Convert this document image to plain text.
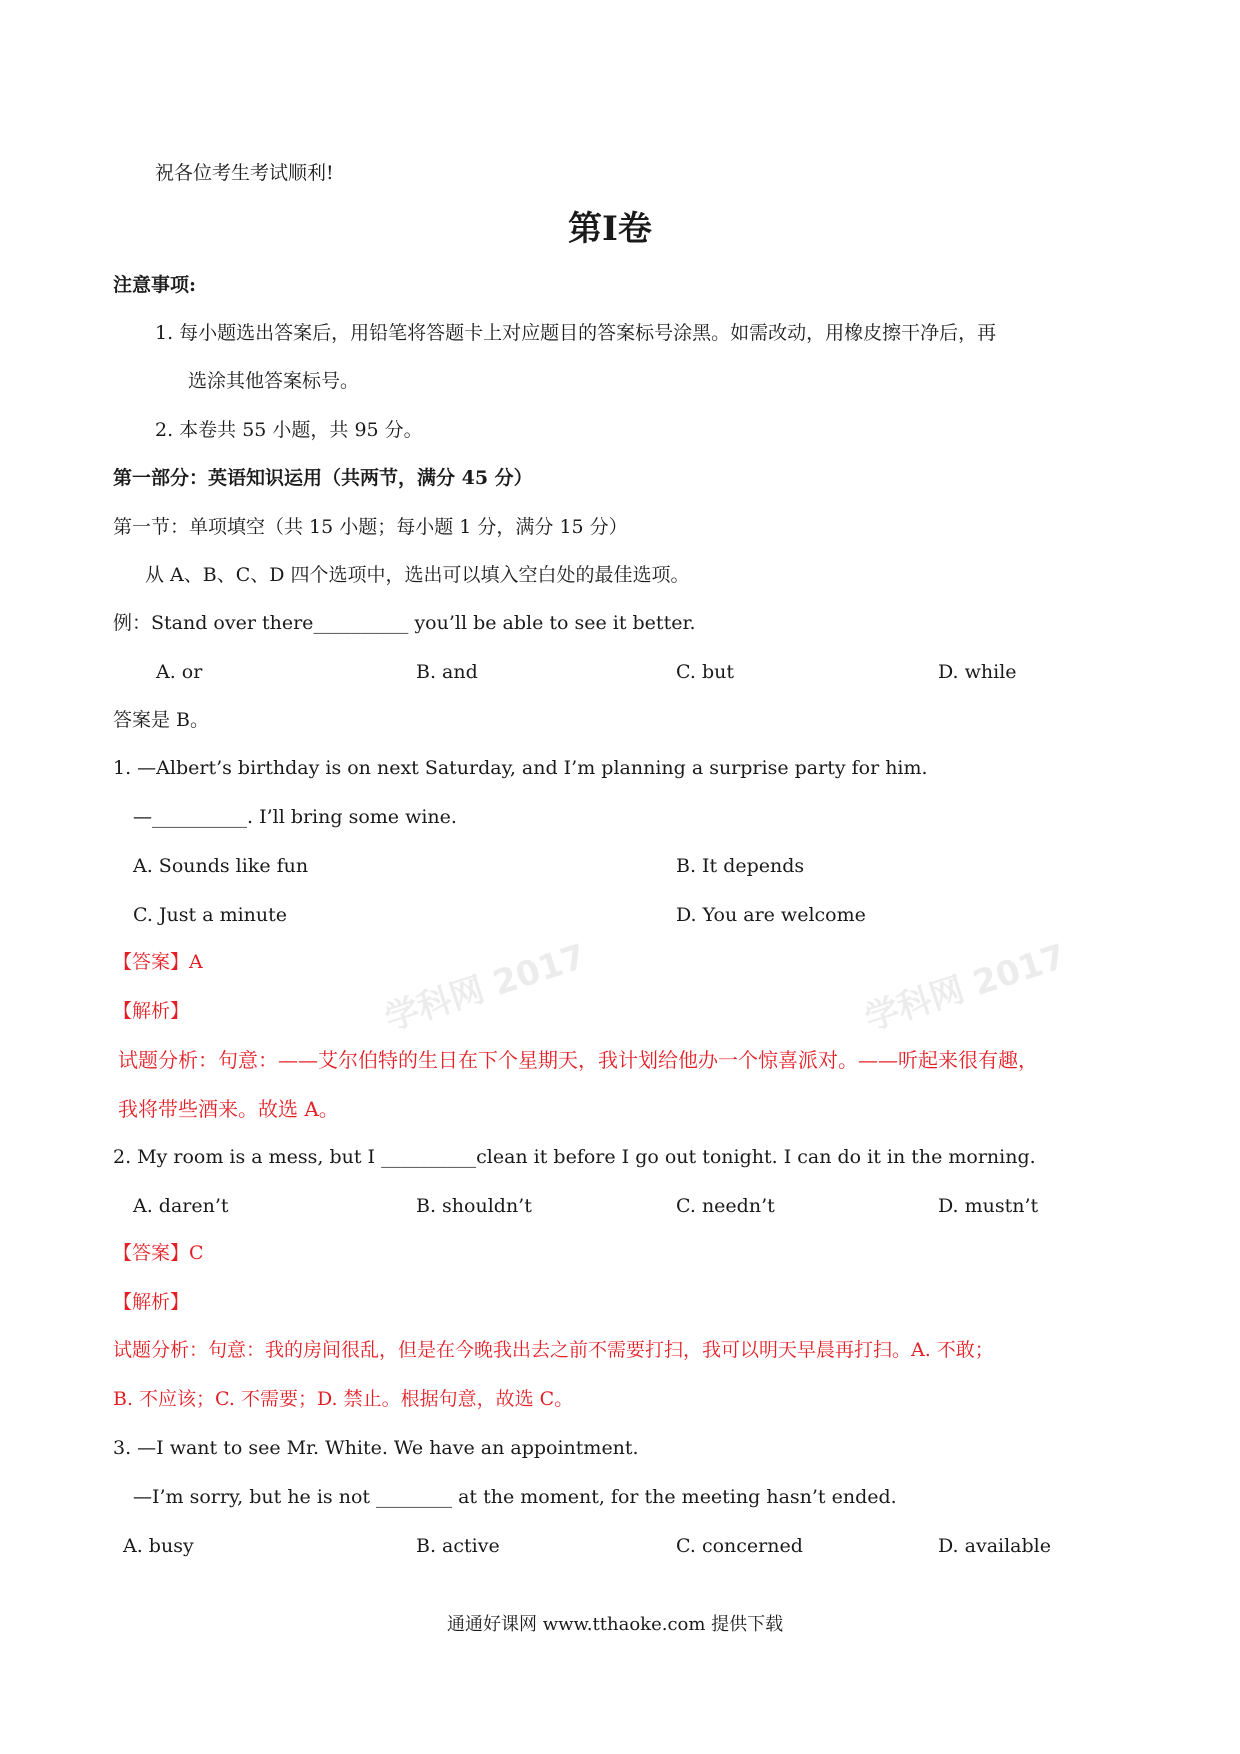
学科网 2017	学科网 2017
祝各位考生考试顺利!
第I卷
注意事项:
1. 每小题选出答案后，用铅笔将答题卡上对应题目的答案标号涂黑。如需改动，用橡皮擦干净后，再
选涂其他答案标号。
2. 本卷共 55 小题，共 95 分。
第一部分：英语知识运用（共两节，满分 45 分）
第一节：单项填空（共 15 小题；每小题 1 分，满分 15 分）
从 A、B、C、D 四个选项中，选出可以填入空白处的最佳选项。
例：Stand over there__________ you’ll be able to see it better.
A. or	B. and	C. but	D. while
答案是 B。
1. —Albert’s birthday is on next Saturday, and I’m planning a surprise party for him.
—__________. I’ll bring some wine.
A. Sounds like fun	B. It depends
C. Just a minute	D. You are welcome
【答案】A
【解析】
试题分析：句意：——艾尔伯特的生日在下个星期天，我计划给他办一个惊喜派对。——听起来很有趣，
我将带些酒来。故选 A。
2. My room is a mess, but I __________clean it before I go out tonight. I can do it in the morning.
A. daren’t	B. shouldn’t	C. needn’t	D. mustn’t
【答案】C
【解析】
试题分析：句意：我的房间很乱，但是在今晚我出去之前不需要打扫，我可以明天早晨再打扫。A. 不敢；
B. 不应该；C. 不需要；D. 禁止。根据句意，故选 C。
3. —I want to see Mr. White. We have an appointment.
—I’m sorry, but he is not ________ at the moment, for the meeting hasn’t ended.
A. busy	B. active	C. concerned	D. available
通通好课网 www.tthaoke.com 提供下载
